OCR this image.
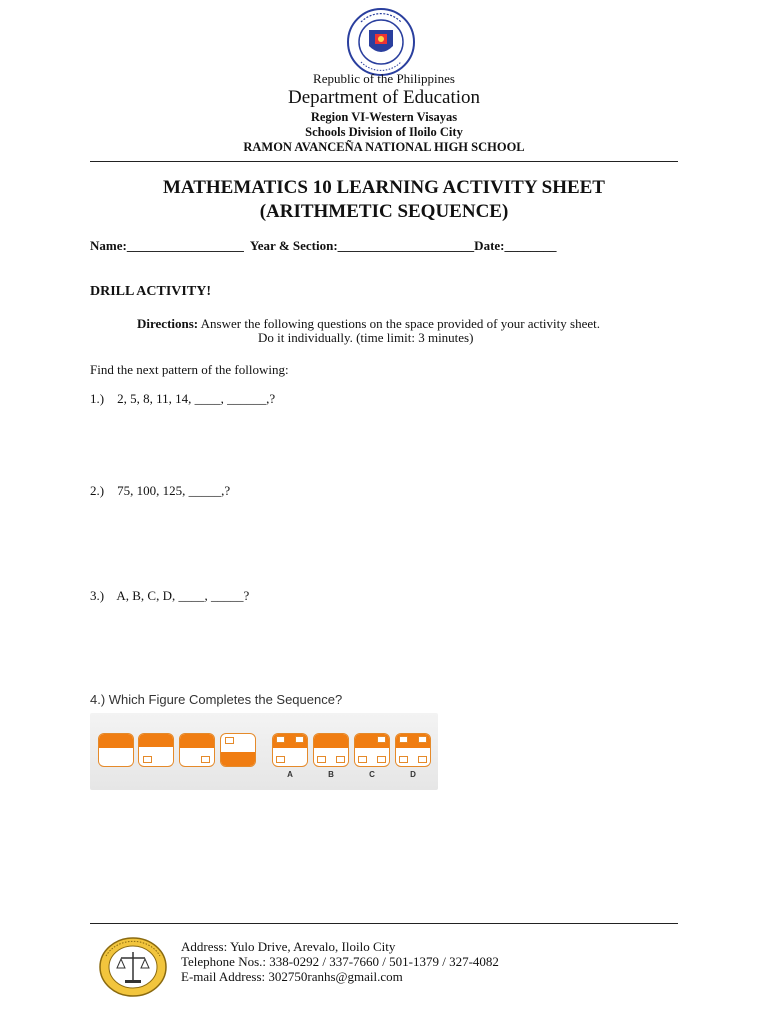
Republic of the Philippines
Department of Education
Region VI-Western Visayas
Schools Division of Iloilo City
RAMON AVANCEÑA NATIONAL HIGH SCHOOL
MATHEMATICS 10 LEARNING ACTIVITY SHEET
(ARITHMETIC SEQUENCE)
Name:__________________  Year & Section:_____________________Date:________
DRILL ACTIVITY!
Directions: Answer the following questions on the space provided of your activity sheet.
Do it individually. (time limit: 3 minutes)
Find the next pattern of the following:
1.)    2, 5, 8, 11, 14, ____, ______,?
2.)    75, 100, 125, _____,?
3.)    A, B, C, D, ____, _____?
4.) Which Figure Completes the Sequence?
A	B	C	D
Address: Yulo Drive, Arevalo, Iloilo City
Telephone Nos.: 338-0292 / 337-7660 / 501-1379 / 327-4082
E-mail Address: 302750ranhs@gmail.com
